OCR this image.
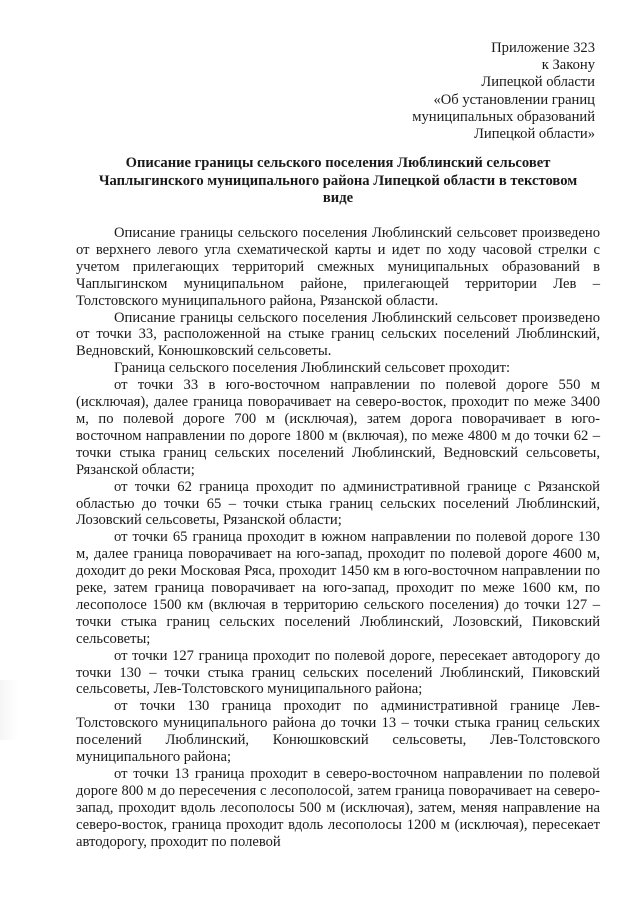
Приложение 323
к Закону
Липецкой области
«Об установлении границ
муниципальных образований
Липецкой области»
Описание границы сельского поселения Люблинский сельсовет
Чаплыгинского муниципального района Липецкой области в текстовом
виде

Описание границы сельского поселения Люблинский сельсовет произведено от верхнего левого угла схематической карты и идет по ходу часовой стрелки с учетом прилегающих территорий смежных муниципальных образований в Чаплыгинском муниципальном районе, прилегающей территории Лев – Толстовского муниципального района, Рязанской области.

Описание границы сельского поселения Люблинский сельсовет произведено от точки 33, расположенной на стыке границ сельских поселений Люблинский, Ведновский, Конюшковский сельсоветы.

Граница сельского поселения Люблинский сельсовет проходит:

от точки 33 в юго-восточном направлении по полевой дороге 550 м (исключая), далее граница поворачивает на северо-восток, проходит по меже 3400 м, по полевой дороге 700 м (исключая), затем дорога поворачивает в юго-восточном направлении по дороге 1800 м (включая), по меже 4800 м до точки 62 – точки стыка границ сельских поселений Люблинский, Ведновский сельсоветы, Рязанской области;

от точки 62 граница проходит по административной границе с Рязанской областью до точки 65 – точки стыка границ сельских поселений Люблинский, Лозовский сельсоветы, Рязанской области;

от точки 65 граница проходит в южном направлении по полевой дороге 130 м, далее граница поворачивает на юго-запад, проходит по полевой дороге 4600 м, доходит до реки Московая Ряса, проходит 1450 км в юго-восточном направлении по реке, затем граница поворачивает на юго-запад, проходит по меже 1600 км, по лесополосе 1500 км (включая в территорию сельского поселения) до точки 127 – точки стыка границ сельских поселений Люблинский, Лозовский, Пиковский сельсоветы;

от точки 127 граница проходит по полевой дороге, пересекает автодорогу до точки 130 – точки стыка границ сельских поселений Люблинский, Пиковский сельсоветы, Лев-Толстовского муниципального района;

от точки 130 граница проходит по административной границе Лев-Толстовского муниципального района до точки 13 – точки стыка границ сельских поселений Люблинский, Конюшковский сельсоветы, Лев-Толстовского муниципального района;

от точки 13 граница проходит в северо-восточном направлении по полевой дороге 800 м до пересечения с лесополосой, затем граница поворачивает на северо-запад, проходит вдоль лесополосы 500 м (исключая), затем, меняя направление на северо-восток, граница проходит вдоль лесополосы 1200 м (исключая), пересекает автодорогу, проходит по полевой
